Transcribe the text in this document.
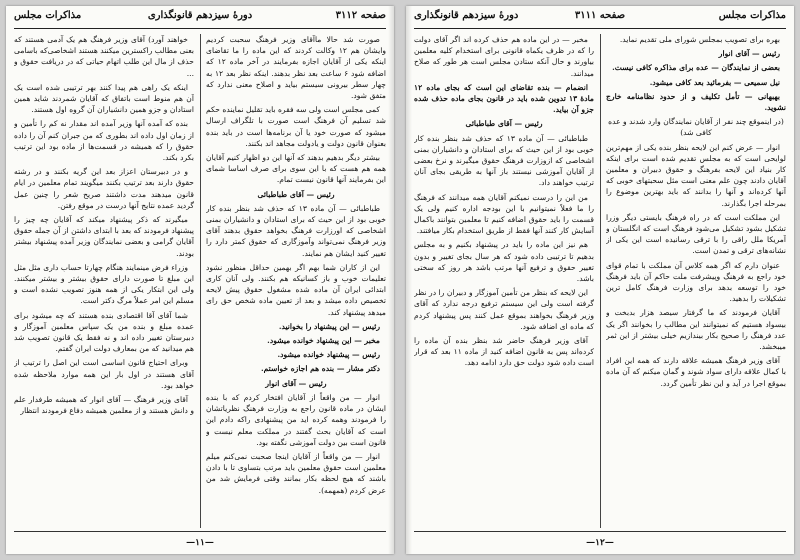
صفحه ۳۱۱۲
دورهٔ سیزدهم قانونگذاری
مذاکرات مجلس

صورت شد حالا ماآقای وزیر فرهنگ سحبت کردیم وایشان هم ۱۲ وکالت کردند که این ماده را ما تقاضای اینکه یکی از آقایان اجازه بفرمایند در آخر ماده ۱۲ که اضافه شود ۶ ساعت بعد نظر بدهند. اینکه نظر بعد ۱۲ به چهار سطر بیرونی سیستم بیاید و اصلاح معنی ندارد که متفق شود.

کمی مجلس است ولی سه فقره باید تقلیل نماینده حکم شد تسلیم آن فرهنگ است صورت با تلگراف ارسال میشود که صورت خود یا آن برنامه‌ها است در باید بنده بعنوان قانون دولت و یادولت مجاهد اند بکنند.

بیشتر دیگر بدهیم بدهند که آنها این دو اظهار کنیم آقایان همه هم هست که با این سوی برای صرف اساسا شمای این بفرمایند آنها قانون نیست تمام.

رئیس — آقای طباطبائی

طباطبائی — آن ماده ۱۳ که حذف شد بنظر بنده کار خوبی بود از این حیث که برای استادان و دانشیاران بمنی اشخاصی که اورزارت فرهنگ بخواهد حقوق بدهند آقای وزیر فرهنگ نمی‌تواند وآموزگاری که حقوق کمتر دارد را تغییر کنید ایشان هم نمایند.

این از کاران شما بهم اگر بهمین حداقل منظور نشود تعلیمات خوب و باز کسانیکه هم بکنند. ولی آنان کاری ابتدائی ایران آن ماده شده مشغول حقوق پیش لایحه تخصیص داده میشد و بعد از تعیین ماده شخص حق رای میدهد پیشنهاد کند.

رئیس — این پیشنهاد را بخوانید.

مخبر — این پیشنهاد خوانده میشود.

رئیس — پیشنهاد خوانده میشود.

دکتر مشار — بنده هم اجازه خواستم.

رئیس — آقای انوار

انوار — من واقعاً از آقایان افتخار کردم که با بنده ایشان در ماده قانون راجع به وزارت فرهنگ نظریاتشان را فرمودند وهمه کرده اید من پیشنهادی راکه دادم این است که آقایان بحث گفتند در مملکت معلم نیست و قانون است بین دولت آموزشی نگفته بود.

انوار — من واقعاً از آقایان اینجا صحبت نمی‌کنم میلم معلمین است حقوق معلمین باید مرتب بتساوی تا با دادن باشند که هیچ لحظه بکار بمانند وقتی فرمایش شد من عرض کردم (همهمه).

خواهند آورد) آقای وزیر فرهنگ هم یک آدمی هستند که بعنی مطالب راکسترین میکنند هستند اشخاصی‌که باسامی حذف از مال این طلب اتهام حیاتی که در دریافت حقوق و ...

اینکه یک راهی هم پیدا کنند بهر ترتیبی شده است یک آن هم منوط است باتفاق که آقایان شمردند شاید همین استادان و جزو همین دانشیاران آن گروه اول هستند.

بنده که آمده آنها وزیر آمده اند مقدار نه کم را تأمین و از زمان اول داده اند بطوری که من جبران کنم آن را داده حقوق را که همیشه در قسمت‌ها از ماده بود این ترتیب بکرد بکند.

و در دبیرستان اعزاز بعد این گریه بکنند و در رشته حقوق دارند بعد ترتیب بکنند میگویند تمام معلمین در ایام قانون میدهند مدت داشتند صریح شعر را چنین عمل گردید عمده نتایج آنها درست در موقع رفتن.

میگیرند که ذکر پیشنهاد میکند که آقایان چه چیز را پیشنهاد فرمودند که بعد با ابتدای داشتن از آن جمله حقوق آقایان گرامی و بعضی نمایندگان وزیر آمده پیشنهاد بیشتر بودند.

وزراء فرض مینمایند هنگام چهارتا حساب داری مثل مثل این مبلغ تا صورت دارای حقوق بیشتر و بیشتر میکنند. ولی این ابتکار یکی از همه هنوز تصویب نشده است و مسلم این امر عملاً مرگ دکتر است.

شما آقای آقا اقتصادی بنده هستند که چه میشود برای عمده مبلغ و بنده من یک سپاس معلمین آموزگار و دبیرستان تغییر داده اند و نه فقط یک قانون تصویب شد هم میدانید که من بمعارف دولت ایران گفتم.

وبرای احتیاج قانون اساسی است این اصل را ترتیب از آقای هستند در اول بار این همه موارد ملاحظه شده خواهد بود.

آقای وزیر فرهنگ — آقای انوار که همیشه طرفدار علم و دانش هستند و از معلمین همیشه دفاع فرمودند انتظار

—۱۱—
مذاکرات مجلس
صفحه ۳۱۱۱
دورهٔ سیزدهم قانونگذاری

بهره برای تصویب بمجلس شورای ملی تقدیم نماید.

رئیس — آقای انوار

بعضی از نمایندگان — عده برای مذاکره کافی نیست.

نیل سمیعی — بفرمائید بعد کافی میشود.

بهبهانی — تأمل تکلیف و از حدود نظامنامه خارج نشوید.

(در اینموقع چند نفر از آقایان نمایندگان وارد شدند و عده کافی شد)

انوار — عرض کنم این لایحه بنظر بنده یکی از مهم‌ترین لوایحی است که به مجلس تقدیم شده است برای اینکه کار بنیاد این لایحه بفرهنگ و حقوق دبیران و معلمین آقایان دادند چون علم معنی است مثل سحبتهای خوبی که آنها کرده‌اند و آنها را بدانند که باید بهترین موضوع را بمرحله اجرا بگذارند.

این مملکت است که در راه فرهنگ بایستی دیگر وزرا تشکیل بشود تشکیل می‌شود فرهنگ است که انگلستان و آمریکا ملل راقی را با ترقی رسانیده است این یکی از نشانه‌های ترقی و تمدن است.

عنوان دارم که اگر همه کلاس آن مملکت با تمام قوای خود راجع به فرهنگ وپیشرفت ملت حاکم آن باید فرهنگ خود را توسعه بدهد برای وزارت فرهنگ کامل ترین تشکیلات را بدهید.

آقایان فرمودند که ما گرفتار سیصد هزار بدبخت و بیسواد هستیم که نمیتوانند این مطالب را بخوانند اگر یک عدد فرهنگ را صحیح بکار بیندازیم خیلی بیشتر از این ثمر میبخشد.

آقای وزیر فرهنگ همیشه علاقه دارند که همه این افراد با کمال علاقه دارای سواد شوند و گمان میکنم که آن ماده بموقع اجرا در آید و این نظر تأمین گردد.

مخبر — در این ماده هم حذف کرده اند اگر آقای دولت را که در ظرف یکماه قانونی برای استخدام کلیه معلمین بیاورند و حال آنکه ستادن مجلس است هر طور که صلاح میدانند.

انضمام — بنده تقاضای این است که بجای ماده ۱۲ مادهٔ ۱۳ تدوین شده باید در قانون بجای ماده حذف شده جزو آن بیاید.

رئیس — آقای طباطبائی

طباطبائی — آن ماده ۱۳ که حذف شد بنظر بنده کار خوبی بود از این حیث که برای استادان و دانشیاران بمنی اشخاصی که ازوزارت فرهنگ حقوق میگیرند و نرخ بعضی از آقایان آموزشی نیستند باز آنها به طریقی بجای آنان ترتیب خواهند داد.

من این را درست نمیکنم آقایان همه میدانند که فرهنگ را ما فعلاً نمیتوانیم با این بودجه اداره کنیم ولی یک قسمت را باید حقوق اضافه کنیم تا معلمین بتوانند باکمال آسایش کار کنند آنها فقط از طریق استخدام بکار میافتند.

هم نیز این ماده را باید در پیشنهاد بکنیم و به مجلس بدهیم تا ترتیبی داده شود که هر سال بجای تغییر و بدون تغییر حقوق و ترفیع آنها مرتب باشد هر روز که سختی باشد.

این لایحه که بنظر من تأمین آموزگار و دبیران را در نظر گرفته است ولی این سیستم ترفیع درجه ندارد که آقای وزیر فرهنگ بخواهند بموقع عمل کنند پس پیشنهاد کردم که ماده ای اضافه شود.

آقای وزیر فرهنگ حاضر شد بنظر بنده آن ماده را کرده‌اند پس به قانون اضافه کنید از ماده ۱۱ بعد که قرار است داده شود دولت حق دارد ادامه دهد.

—۱۲—
